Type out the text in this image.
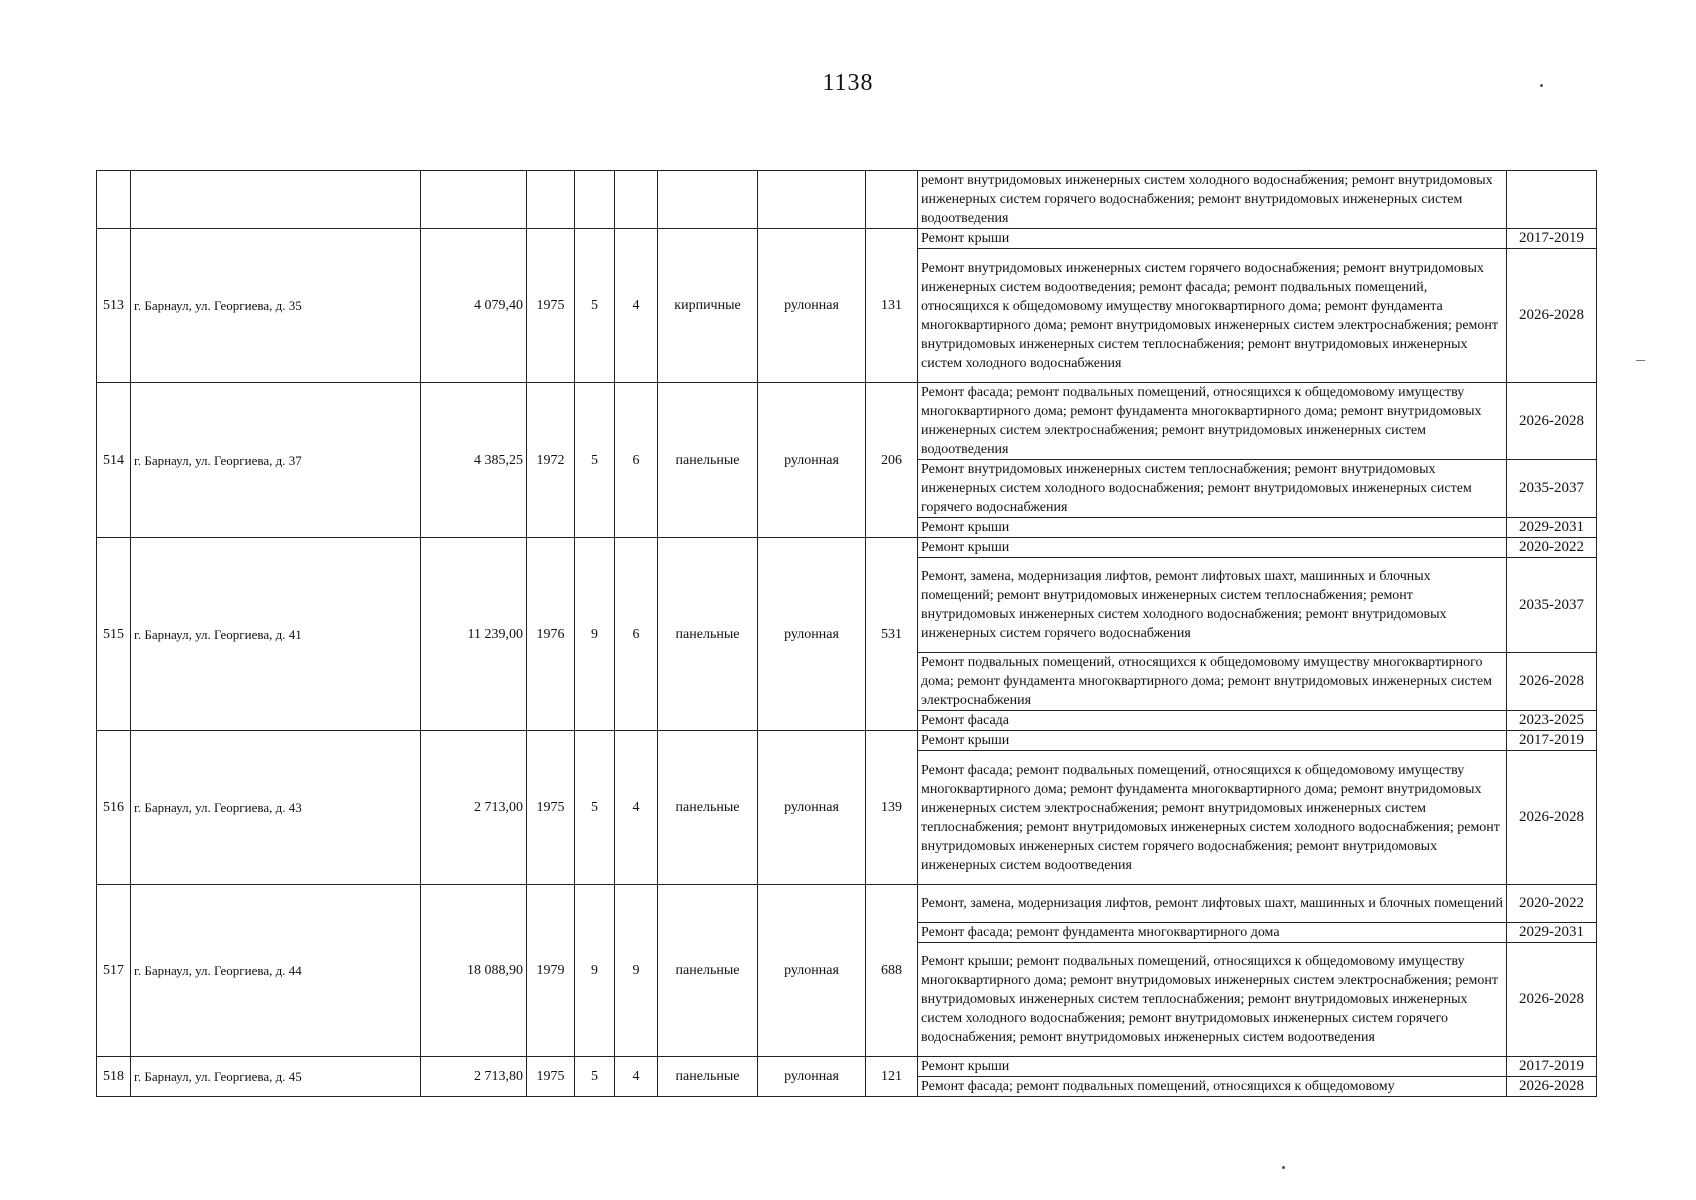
1138
									ремонт внутридомовых инженерных систем холодного водоснабжения; ремонт внутридомовых инженерных систем горячего водоснабжения; ремонт внутридомовых инженерных систем водоотведения	
513	г. Барнаул, ул. Георгиева, д. 35	4 079,40	1975	5	4	кирпичные	рулонная	131	Ремонт крыши	2017-2019
									Ремонт внутридомовых инженерных систем горячего водоснабжения; ремонт внутридомовых инженерных систем водоотведения; ремонт фасада; ремонт подвальных помещений, относящихся к общедомовому имуществу многоквартирного дома; ремонт фундамента многоквартирного дома; ремонт внутридомовых инженерных систем электроснабжения; ремонт внутридомовых инженерных систем теплоснабжения; ремонт внутридомовых инженерных систем холодного водоснабжения	2026-2028
514	г. Барнаул, ул. Георгиева, д. 37	4 385,25	1972	5	6	панельные	рулонная	206	Ремонт фасада; ремонт подвальных помещений, относящихся к общедомовому имуществу многоквартирного дома; ремонт фундамента многоквартирного дома; ремонт внутридомовых инженерных систем электроснабжения; ремонт внутридомовых инженерных систем водоотведения	2026-2028
									Ремонт внутридомовых инженерных систем теплоснабжения; ремонт внутридомовых инженерных систем холодного водоснабжения; ремонт внутридомовых инженерных систем горячего водоснабжения	2035-2037
									Ремонт крыши	2029-2031
515	г. Барнаул, ул. Георгиева, д. 41	11 239,00	1976	9	6	панельные	рулонная	531	Ремонт крыши	2020-2022
									Ремонт, замена, модернизация лифтов, ремонт лифтовых шахт, машинных и блочных помещений; ремонт внутридомовых инженерных систем теплоснабжения; ремонт внутридомовых инженерных систем холодного водоснабжения; ремонт внутридомовых инженерных систем горячего водоснабжения	2035-2037
									Ремонт подвальных помещений, относящихся к общедомовому имуществу многоквартирного дома; ремонт фундамента многоквартирного дома; ремонт внутридомовых инженерных систем электроснабжения	2026-2028
									Ремонт фасада	2023-2025
516	г. Барнаул, ул. Георгиева, д. 43	2 713,00	1975	5	4	панельные	рулонная	139	Ремонт крыши	2017-2019
									Ремонт фасада; ремонт подвальных помещений, относящихся к общедомовому имуществу многоквартирного дома; ремонт фундамента многоквартирного дома; ремонт внутридомовых инженерных систем электроснабжения; ремонт внутридомовых инженерных систем теплоснабжения; ремонт внутридомовых инженерных систем холодного водоснабжения; ремонт внутридомовых инженерных систем горячего водоснабжения; ремонт внутридомовых инженерных систем водоотведения	2026-2028
517	г. Барнаул, ул. Георгиева, д. 44	18 088,90	1979	9	9	панельные	рулонная	688	Ремонт, замена, модернизация лифтов, ремонт лифтовых шахт, машинных и блочных помещений	2020-2022
									Ремонт фасада; ремонт фундамента многоквартирного дома	2029-2031
									Ремонт крыши; ремонт подвальных помещений, относящихся к общедомовому имуществу многоквартирного дома; ремонт внутридомовых инженерных систем электроснабжения; ремонт внутридомовых инженерных систем теплоснабжения; ремонт внутридомовых инженерных систем холодного водоснабжения; ремонт внутридомовых инженерных систем горячего водоснабжения; ремонт внутридомовых инженерных систем водоотведения	2026-2028
518	г. Барнаул, ул. Георгиева, д. 45	2 713,80	1975	5	4	панельные	рулонная	121	Ремонт крыши	2017-2019
									Ремонт фасада; ремонт подвальных помещений, относящихся к общедомовому	2026-2028
